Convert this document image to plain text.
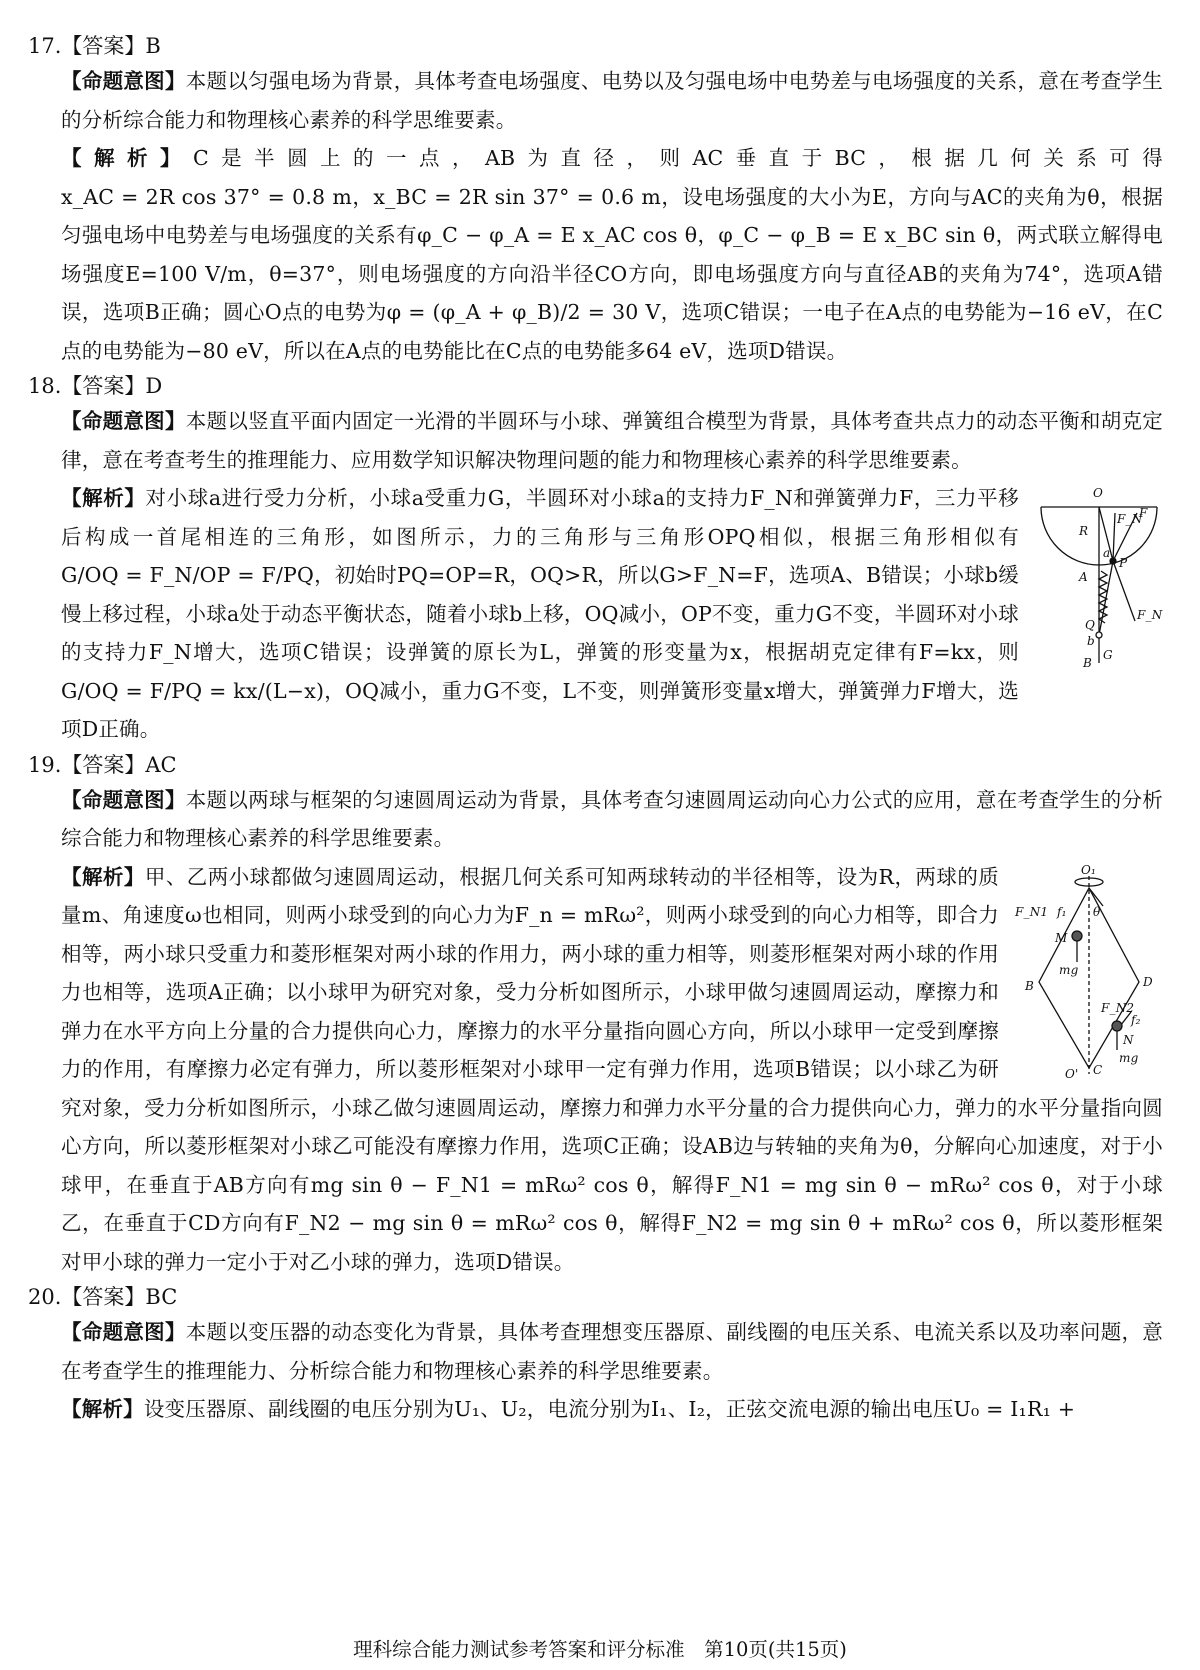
17.【答案】B

【命题意图】本题以匀强电场为背景，具体考查电场强度、电势以及匀强电场中电势差与电场强度的关系，意在考查学生的分析综合能力和物理核心素养的科学思维要素。

【解析】C是半圆上的一点，AB为直径，则AC垂直于BC，根据几何关系可得x_AC = 2R cos 37° = 0.8 m，x_BC = 2R sin 37° = 0.6 m，设电场强度的大小为E，方向与AC的夹角为θ，根据匀强电场中电势差与电场强度的关系有φ_C − φ_A = E x_AC cos θ，φ_C − φ_B = E x_BC sin θ，两式联立解得电场强度E=100 V/m，θ=37°，则电场强度的方向沿半径CO方向，即电场强度方向与直径AB的夹角为74°，选项A错误，选项B正确；圆心O点的电势为φ = (φ_A + φ_B)/2 = 30 V，选项C错误；一电子在A点的电势能为−16 eV，在C点的电势能为−80 eV，所以在A点的电势能比在C点的电势能多64 eV，选项D错误。

18.【答案】D

【命题意图】本题以竖直平面内固定一光滑的半圆环与小球、弹簧组合模型为背景，具体考查共点力的动态平衡和胡克定律，意在考查考生的推理能力、应用数学知识解决物理问题的能力和物理核心素养的科学思维要素。

O
R
F_N
F
a
P
A
Q
b
B
G
F_N
【解析】对小球a进行受力分析，小球a受重力G，半圆环对小球a的支持力F_N和弹簧弹力F，三力平移后构成一首尾相连的三角形，如图所示，力的三角形与三角形OPQ相似，根据三角形相似有G/OQ = F_N/OP = F/PQ，初始时PQ=OP=R，OQ>R，所以G>F_N=F，选项A、B错误；小球b缓慢上移过程，小球a处于动态平衡状态，随着小球b上移，OQ减小，OP不变，重力G不变，半圆环对小球的支持力F_N增大，选项C错误；设弹簧的原长为L，弹簧的形变量为x，根据胡克定律有F=kx，则G/OQ = F/PQ = kx/(L−x)，OQ减小，重力G不变，L不变，则弹簧形变量x增大，弹簧弹力F增大，选项D正确。

19.【答案】AC

【命题意图】本题以两球与框架的匀速圆周运动为背景，具体考查匀速圆周运动向心力公式的应用，意在考查学生的分析综合能力和物理核心素养的科学思维要素。

O₁
F_N1 f₁ θ
M
mg
B	D
F_N2
f₂
N
mg
O' C
【解析】甲、乙两小球都做匀速圆周运动，根据几何关系可知两球转动的半径相等，设为R，两球的质量m、角速度ω也相同，则两小球受到的向心力为F_n = mRω²，则两小球受到的向心力相等，即合力相等，两小球只受重力和菱形框架对两小球的作用力，两小球的重力相等，则菱形框架对两小球的作用力也相等，选项A正确；以小球甲为研究对象，受力分析如图所示，小球甲做匀速圆周运动，摩擦力和弹力在水平方向上分量的合力提供向心力，摩擦力的水平分量指向圆心方向，所以小球甲一定受到摩擦力的作用，有摩擦力必定有弹力，所以菱形框架对小球甲一定有弹力作用，选项B错误；以小球乙为研究对象，受力分析如图所示，小球乙做匀速圆周运动，摩擦力和弹力水平分量的合力提供向心力，弹力的水平分量指向圆心方向，所以菱形框架对小球乙可能没有摩擦力作用，选项C正确；设AB边与转轴的夹角为θ，分解向心加速度，对于小球甲，在垂直于AB方向有mg sin θ − F_N1 = mRω² cos θ，解得F_N1 = mg sin θ − mRω² cos θ，对于小球乙，在垂直于CD方向有F_N2 − mg sin θ = mRω² cos θ，解得F_N2 = mg sin θ + mRω² cos θ，所以菱形框架对甲小球的弹力一定小于对乙小球的弹力，选项D错误。

20.【答案】BC

【命题意图】本题以变压器的动态变化为背景，具体考查理想变压器原、副线圈的电压关系、电流关系以及功率问题，意在考查学生的推理能力、分析综合能力和物理核心素养的科学思维要素。

【解析】设变压器原、副线圈的电压分别为U₁、U₂，电流分别为I₁、I₂，正弦交流电源的输出电压U₀ = I₁R₁ +

理科综合能力测试参考答案和评分标准　第10页(共15页)
